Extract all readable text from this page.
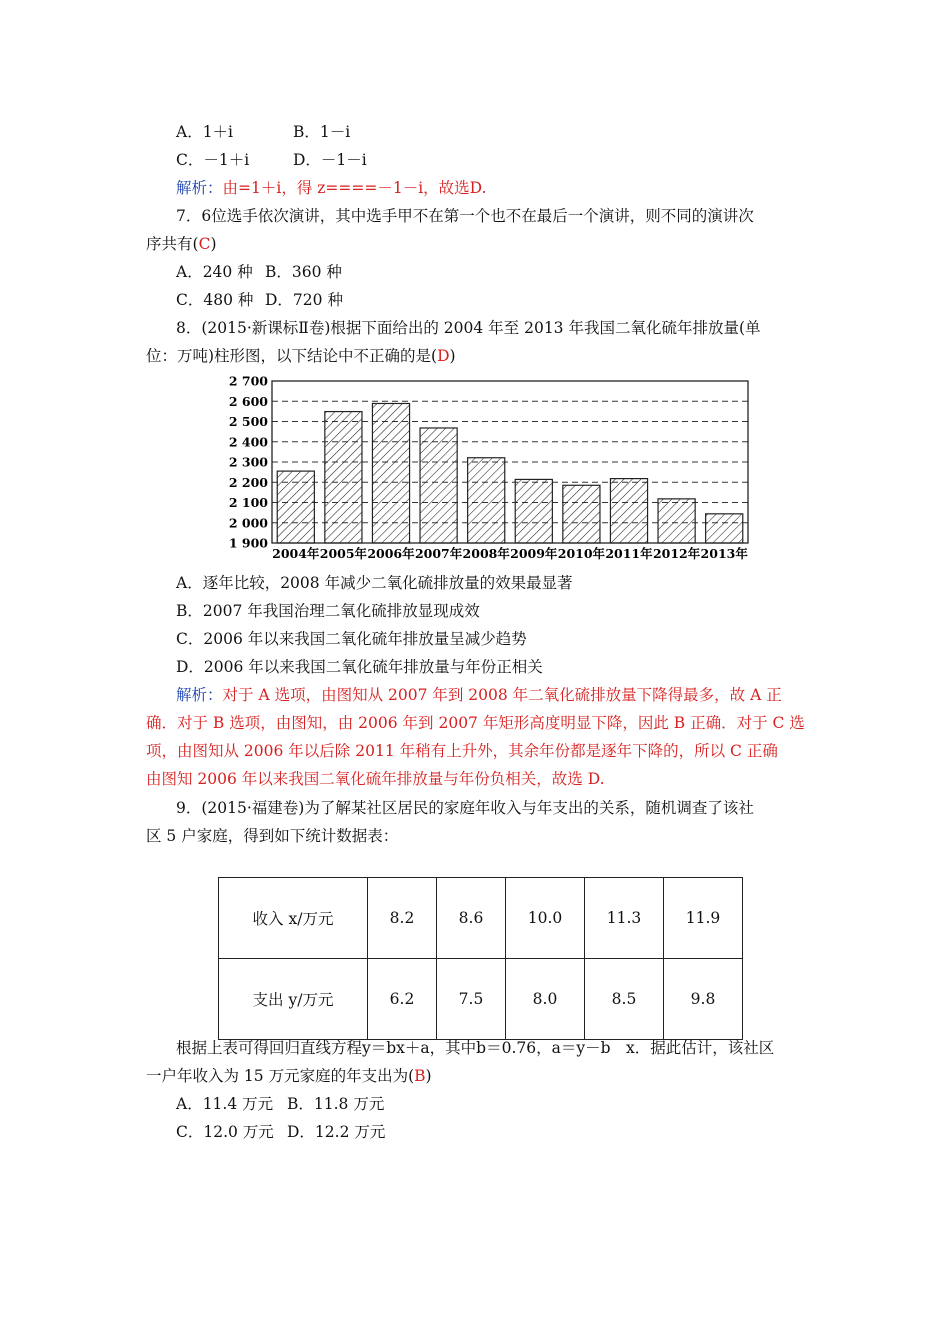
A．1＋i	B．1－i
C．－1＋i	D．－1－i
解析：由=1＋i，得 z====－1－i，故选D.
7．6位选手依次演讲，其中选手甲不在第一个也不在最后一个演讲，则不同的演讲次
序共有(C)
A．240 种 B．360 种
C．480 种 D．720 种
8．(2015·新课标Ⅱ卷)根据下面给出的 2004 年至 2013 年我国二氧化硫年排放量(单
位：万吨)柱形图，以下结论中不正确的是(D)
1 900
2 000
2 100
2 200
2 300
2 400
2 500
2 600
2 700
2004年 2005年 2006年 2007年 2008年 2009年 2010年 2011年 2012年 2013年
A．逐年比较，2008 年减少二氧化硫排放量的效果最显著
B．2007 年我国治理二氧化硫排放显现成效
C．2006 年以来我国二氧化硫年排放量呈减少趋势
D．2006 年以来我国二氧化硫年排放量与年份正相关
解析：对于 A 选项，由图知从 2007 年到 2008 年二氧化硫排放量下降得最多，故 A 正
确．对于 B 选项，由图知，由 2006 年到 2007 年矩形高度明显下降，因此 B 正确．对于 C 选
项，由图知从 2006 年以后除 2011 年稍有上升外，其余年份都是逐年下降的，所以 C 正确
由图知 2006 年以来我国二氧化硫年排放量与年份负相关，故选 D.
9．(2015·福建卷)为了解某社区居民的家庭年收入与年支出的关系，随机调查了该社
区 5 户家庭，得到如下统计数据表：
收入 x/万元	8.2	8.6	10.0	11.3	11.9
支出 y/万元	6.2	7.5	8.0	8.5	9.8
根据上表可得回归直线方程y＝bx＋a，其中b＝0.76，a＝y－b　x．据此估计，该社区
一户年收入为 15 万元家庭的年支出为(B)
A．11.4 万元 B．11.8 万元
C．12.0 万元 D．12.2 万元
